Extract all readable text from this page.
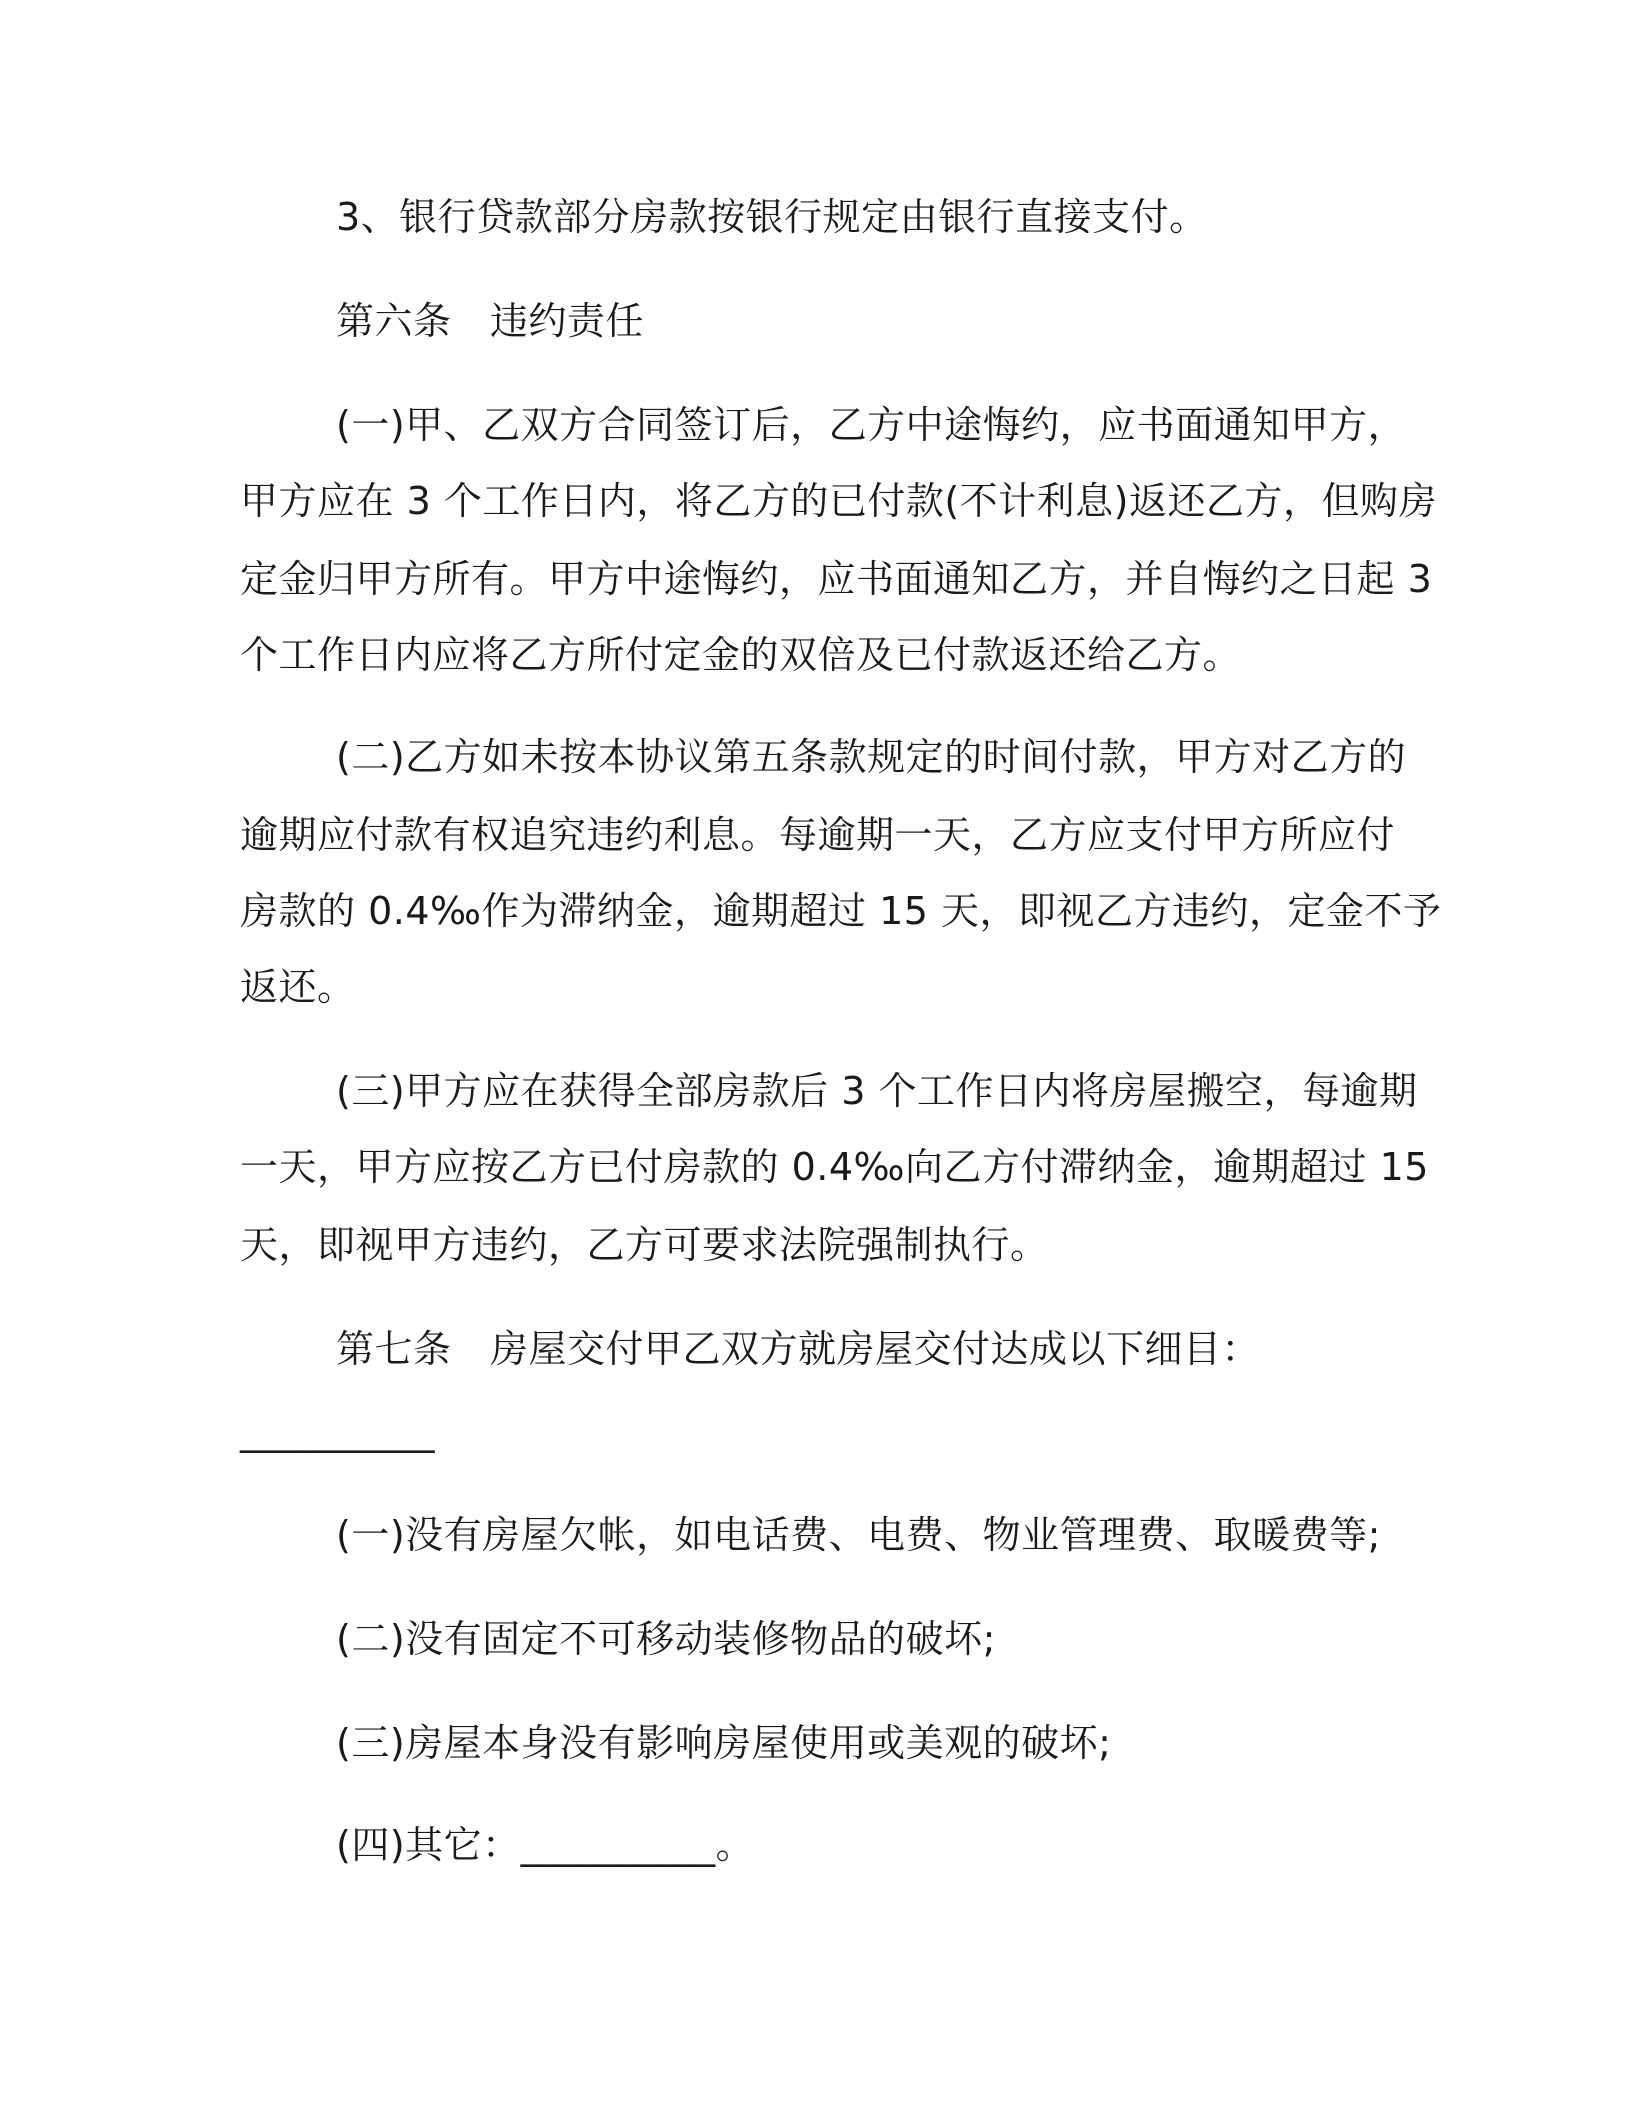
3、银行贷款部分房款按银行规定由银行直接支付。
第六条　违约责任
(一)甲、乙双方合同签订后，乙方中途悔约，应书面通知甲方，
甲方应在 3 个工作日内，将乙方的已付款(不计利息)返还乙方，但购房
定金归甲方所有。甲方中途悔约，应书面通知乙方，并自悔约之日起 3
个工作日内应将乙方所付定金的双倍及已付款返还给乙方。
(二)乙方如未按本协议第五条款规定的时间付款，甲方对乙方的
逾期应付款有权追究违约利息。每逾期一天，乙方应支付甲方所应付
房款的 0.4‰作为滞纳金，逾期超过 15 天，即视乙方违约，定金不予
返还。
(三)甲方应在获得全部房款后 3 个工作日内将房屋搬空，每逾期
一天，甲方应按乙方已付房款的 0.4‰向乙方付滞纳金，逾期超过 15
天，即视甲方违约，乙方可要求法院强制执行。
第七条　房屋交付甲乙双方就房屋交付达成以下细目：
__________
(一)没有房屋欠帐，如电话费、电费、物业管理费、取暖费等;
(二)没有固定不可移动装修物品的破坏;
(三)房屋本身没有影响房屋使用或美观的破坏;
(四)其它：__________。
